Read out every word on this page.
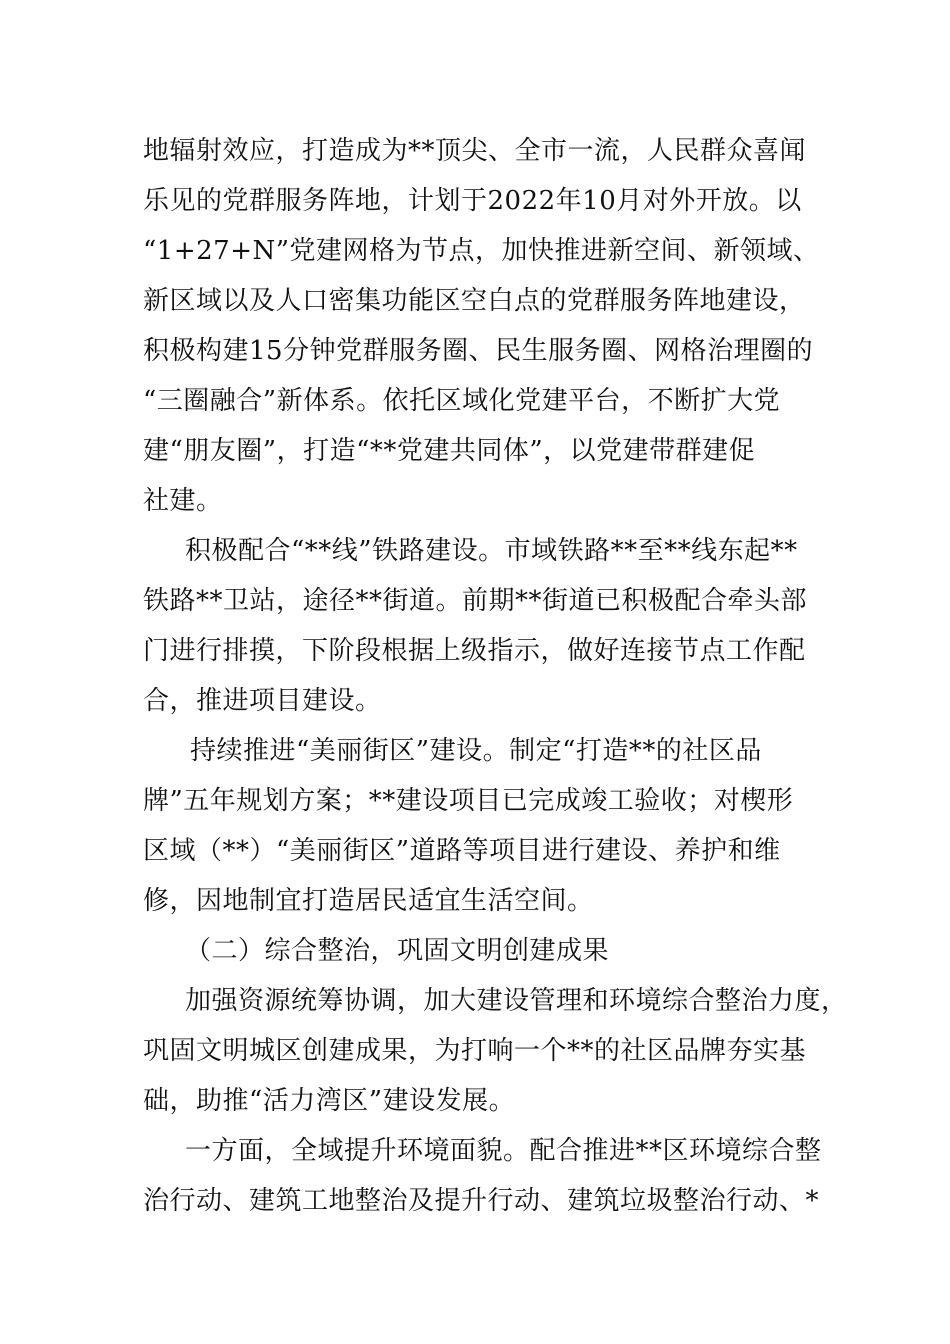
地辐射效应，打造成为**顶尖、全市一流，人民群众喜闻
乐见的党群服务阵地，计划于2022年10月对外开放。以
“1+27+N”党建网格为节点，加快推进新空间、新领域、
新区域以及人口密集功能区空白点的党群服务阵地建设，
积极构建15分钟党群服务圈、民生服务圈、网格治理圈的
“三圈融合”新体系。依托区域化党建平台，不断扩大党
建“朋友圈”，打造“**党建共同体”，以党建带群建促
社建。
积极配合“**线”铁路建设。市域铁路**至**线东起**
铁路**卫站，途径**街道。前期**街道已积极配合牵头部
门进行排摸，下阶段根据上级指示，做好连接节点工作配
合，推进项目建设。
持续推进“美丽街区”建设。制定“打造**的社区品
牌”五年规划方案；**建设项目已完成竣工验收；对楔形
区域（**）“美丽街区”道路等项目进行建设、养护和维
修，因地制宜打造居民适宜生活空间。
（二）综合整治，巩固文明创建成果
加强资源统筹协调，加大建设管理和环境综合整治力度，
巩固文明城区创建成果，为打响一个**的社区品牌夯实基
础，助推“活力湾区”建设发展。
一方面，全域提升环境面貌。配合推进**区环境综合整
治行动、建筑工地整治及提升行动、建筑垃圾整治行动、*
